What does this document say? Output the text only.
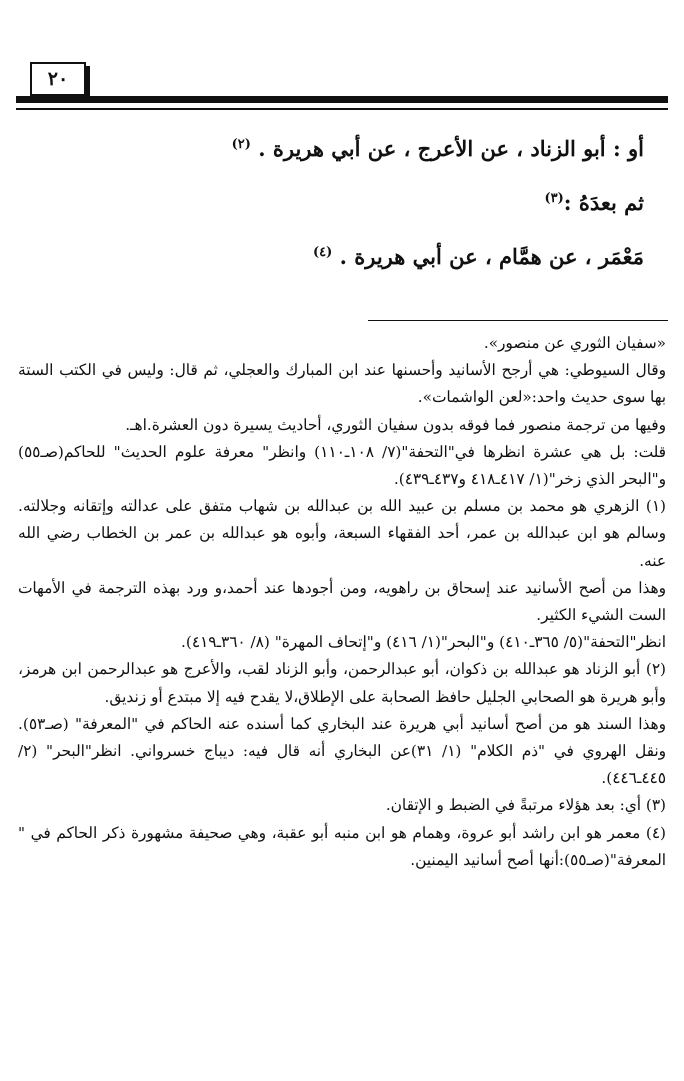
٢٠
أو : أبو الزناد ، عن الأعرج ، عن أبي هريرة . $^{(٢)}$
ثم بعدَهُ :$^{(٣)}$
مَعْمَر ، عن همَّام ، عن أبي هريرة . $^{(٤)}$

«سفيان الثوري عن منصور».

وقال السيوطي: هي أرجح الأسانيد وأحسنها عند ابن المبارك والعجلي، ثم قال: وليس في الكتب الستة بها سوى حديث واحد:«لعن الواشمات».

وفيها من ترجمة منصور فما فوقه بدون سفيان الثوري، أحاديث يسيرة دون العشرة.اهـ.

قلت: بل هي عشرة انظرها في"التحفة"(٧/ ١٠٨ـ١١٠) وانظر" معرفة علوم الحديث" للحاكم(صـ٥٥) و"البحر الذي زخر"(١/ ٤١٧ـ٤١٨ و٤٣٧ـ٤٣٩).

(١) الزهري هو محمد بن مسلم بن عبيد الله بن عبدالله بن شهاب متفق على عدالته وإتقانه وجلالته. وسالم هو ابن عبدالله بن عمر، أحد الفقهاء السبعة، وأبوه هو عبدالله بن عمر بن الخطاب رضي الله عنه.

وهذا من أصح الأسانيد عند إسحاق بن راهويه، ومن أجودها عند أحمد،و ورد بهذه الترجمة في الأمهات الست الشيء الكثير.

انظر"التحفة"(٥/ ٣٦٥ـ٤١٠) و"البحر"(١/ ٤١٦) و"إتحاف المهرة" (٨/ ٣٦٠ـ٤١٩).

(٢) أبو الزناد هو عبدالله بن ذكوان، أبو عبدالرحمن، وأبو الزناد لقب، والأعرج هو عبدالرحمن ابن هرمز، وأبو هريرة هو الصحابي الجليل حافظ الصحابة على الإطلاق،لا يقدح فيه إلا مبتدع أو زنديق.

وهذا السند هو من أصح أسانيد أبي هريرة عند البخاري كما أسنده عنه الحاكم في "المعرفة" (صـ٥٣). ونقل الهروي في "ذم الكلام" (١/ ٣١)عن البخاري أنه قال فيه: ديباج خسرواني. انظر"البحر" (٢/ ٤٤٥ـ٤٤٦).

(٣) أي: بعد هؤلاء مرتبةً في الضبط و الإتقان.

(٤) معمر هو ابن راشد أبو عروة، وهمام هو ابن منبه أبو عقبة، وهي صحيفة مشهورة ذكر الحاكم في " المعرفة"(صـ٥٥):أنها أصح أسانيد اليمنين.
